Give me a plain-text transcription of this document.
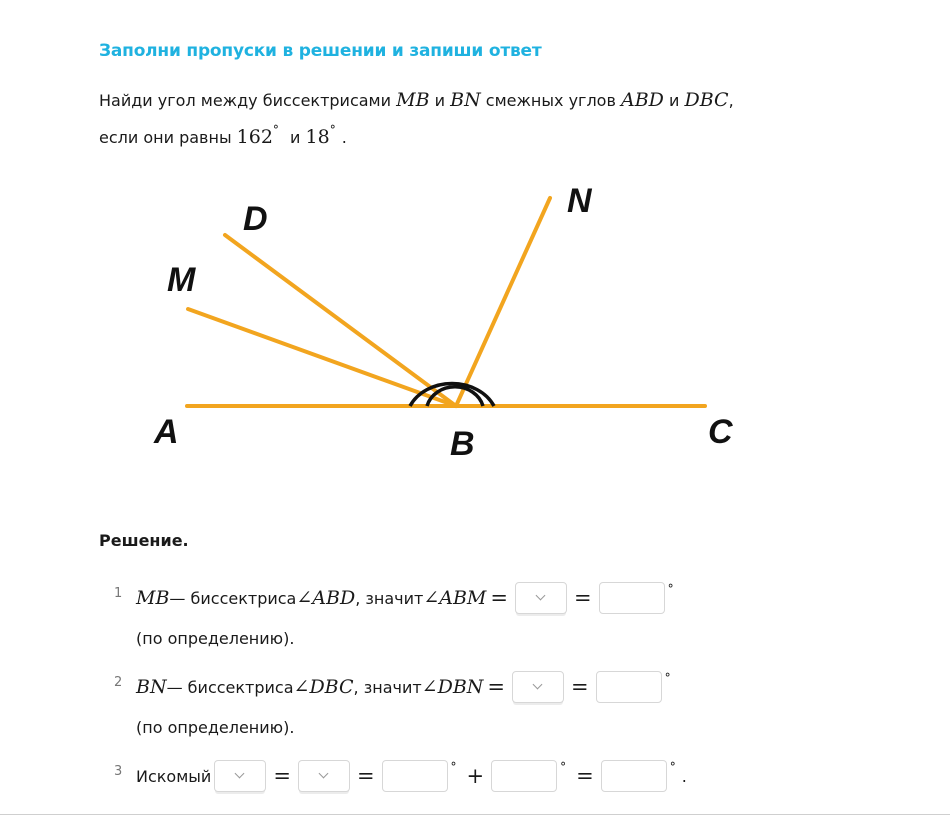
Заполни пропуски в решении и запиши ответ
Найди угол между биссектрисами MB и BN смежных углов ABD и DBC,
если они равны 162° и 18° .
A	B	C
D
M
N
Решение.
1 MB — биссектриса ∠ ABD , значит ∠ ABM =	=	°
(по определению).
2 BN — биссектриса ∠ DBC , значит ∠ DBN =	=	°
(по определению).
3 Искомый	=	=	° +	° =	° .
